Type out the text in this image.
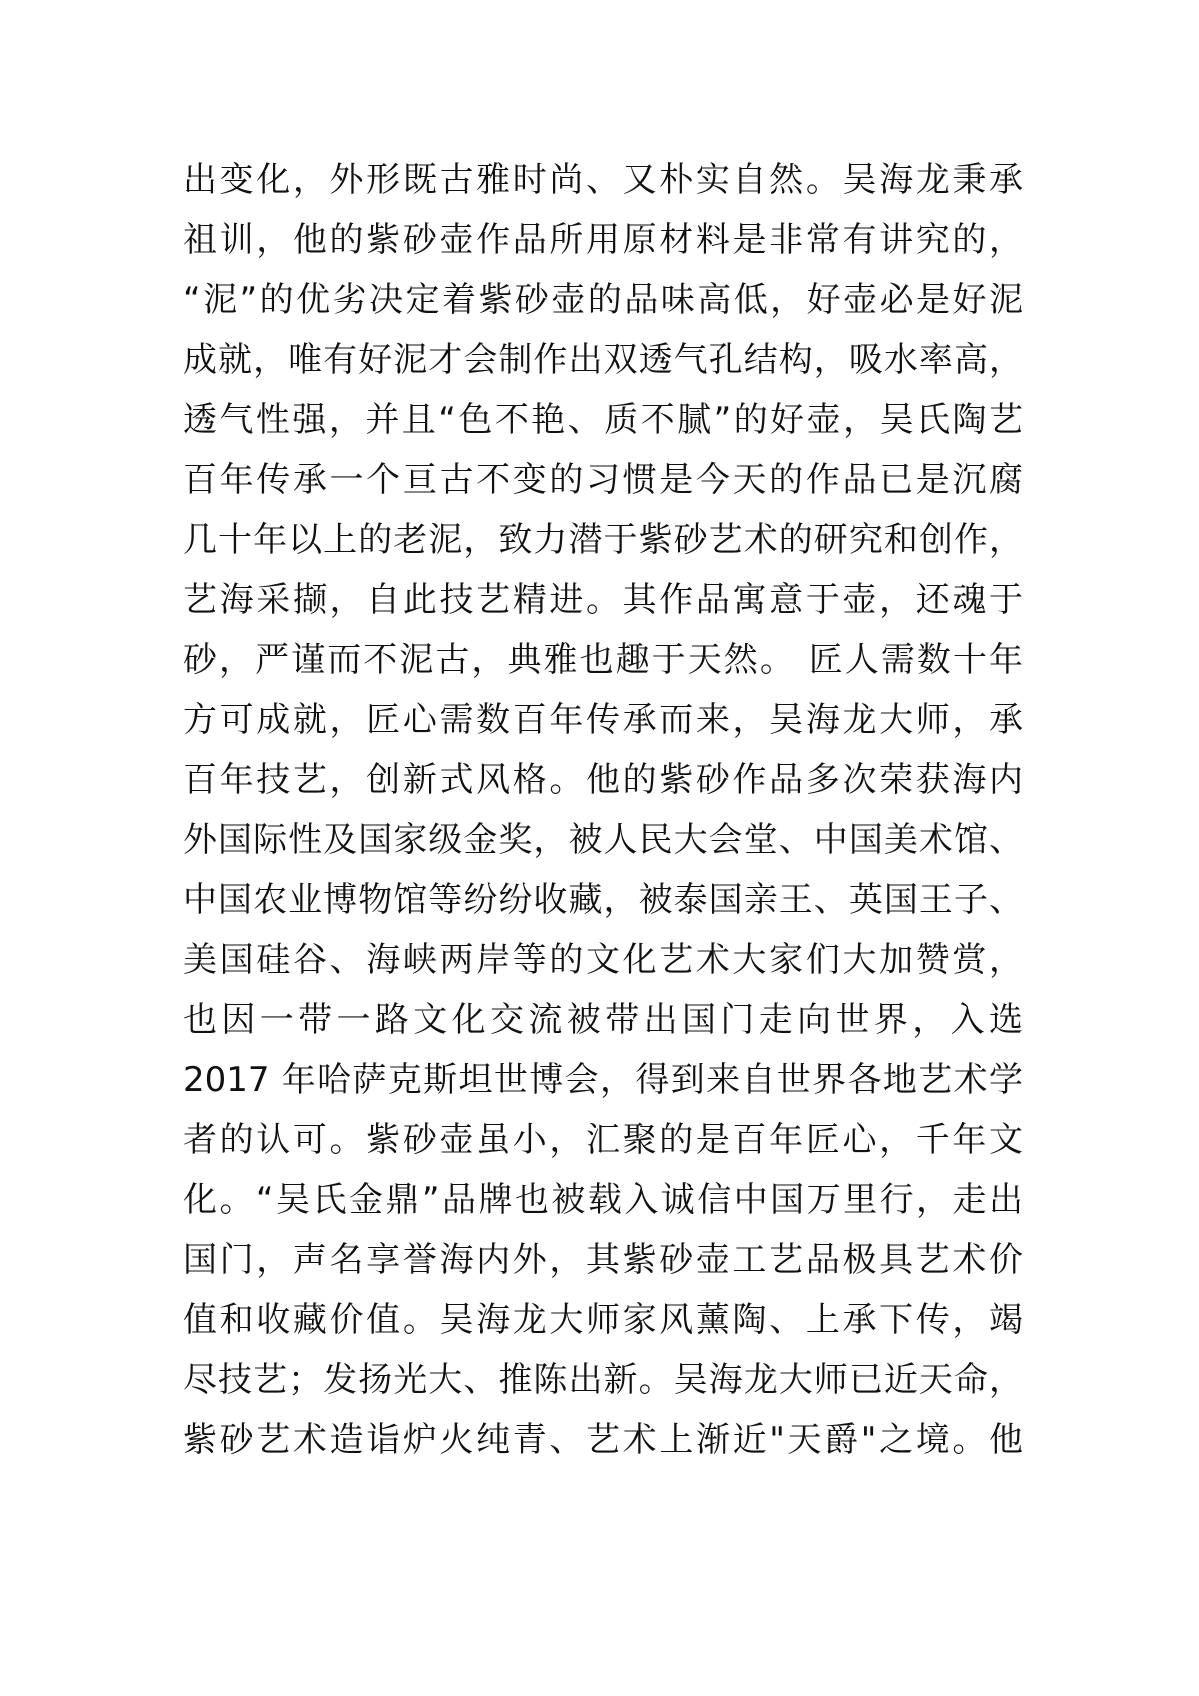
出变化，外形既古雅时尚、又朴实自然。吴海龙秉承
祖训，他的紫砂壶作品所用原材料是非常有讲究的，
“泥”的优劣决定着紫砂壶的品味高低，好壶必是好泥
成就，唯有好泥才会制作出双透气孔结构，吸水率高，
透气性强，并且“色不艳、质不腻”的好壶，吴氏陶艺
百年传承一个亘古不变的习惯是今天的作品已是沉腐
几十年以上的老泥，致力潜于紫砂艺术的研究和创作，
艺海采撷，自此技艺精进。其作品寓意于壶，还魂于
砂，严谨而不泥古，典雅也趣于天然。 匠人需数十年
方可成就，匠心需数百年传承而来，吴海龙大师，承
百年技艺，创新式风格。他的紫砂作品多次荣获海内
外国际性及国家级金奖，被人民大会堂、中国美术馆、
中国农业博物馆等纷纷收藏，被泰国亲王、英国王子、
美国硅谷、海峡两岸等的文化艺术大家们大加赞赏，
也因一带一路文化交流被带出国门走向世界，入选
2017 年哈萨克斯坦世博会，得到来自世界各地艺术学
者的认可。紫砂壶虽小，汇聚的是百年匠心，千年文
化。“吴氏金鼎”品牌也被载入诚信中国万里行，走出
国门，声名享誉海内外，其紫砂壶工艺品极具艺术价
值和收藏价值。吴海龙大师家风薰陶、上承下传，竭
尽技艺；发扬光大、推陈出新。吴海龙大师已近天命，
紫砂艺术造诣炉火纯青、艺术上渐近"天爵"之境。他
